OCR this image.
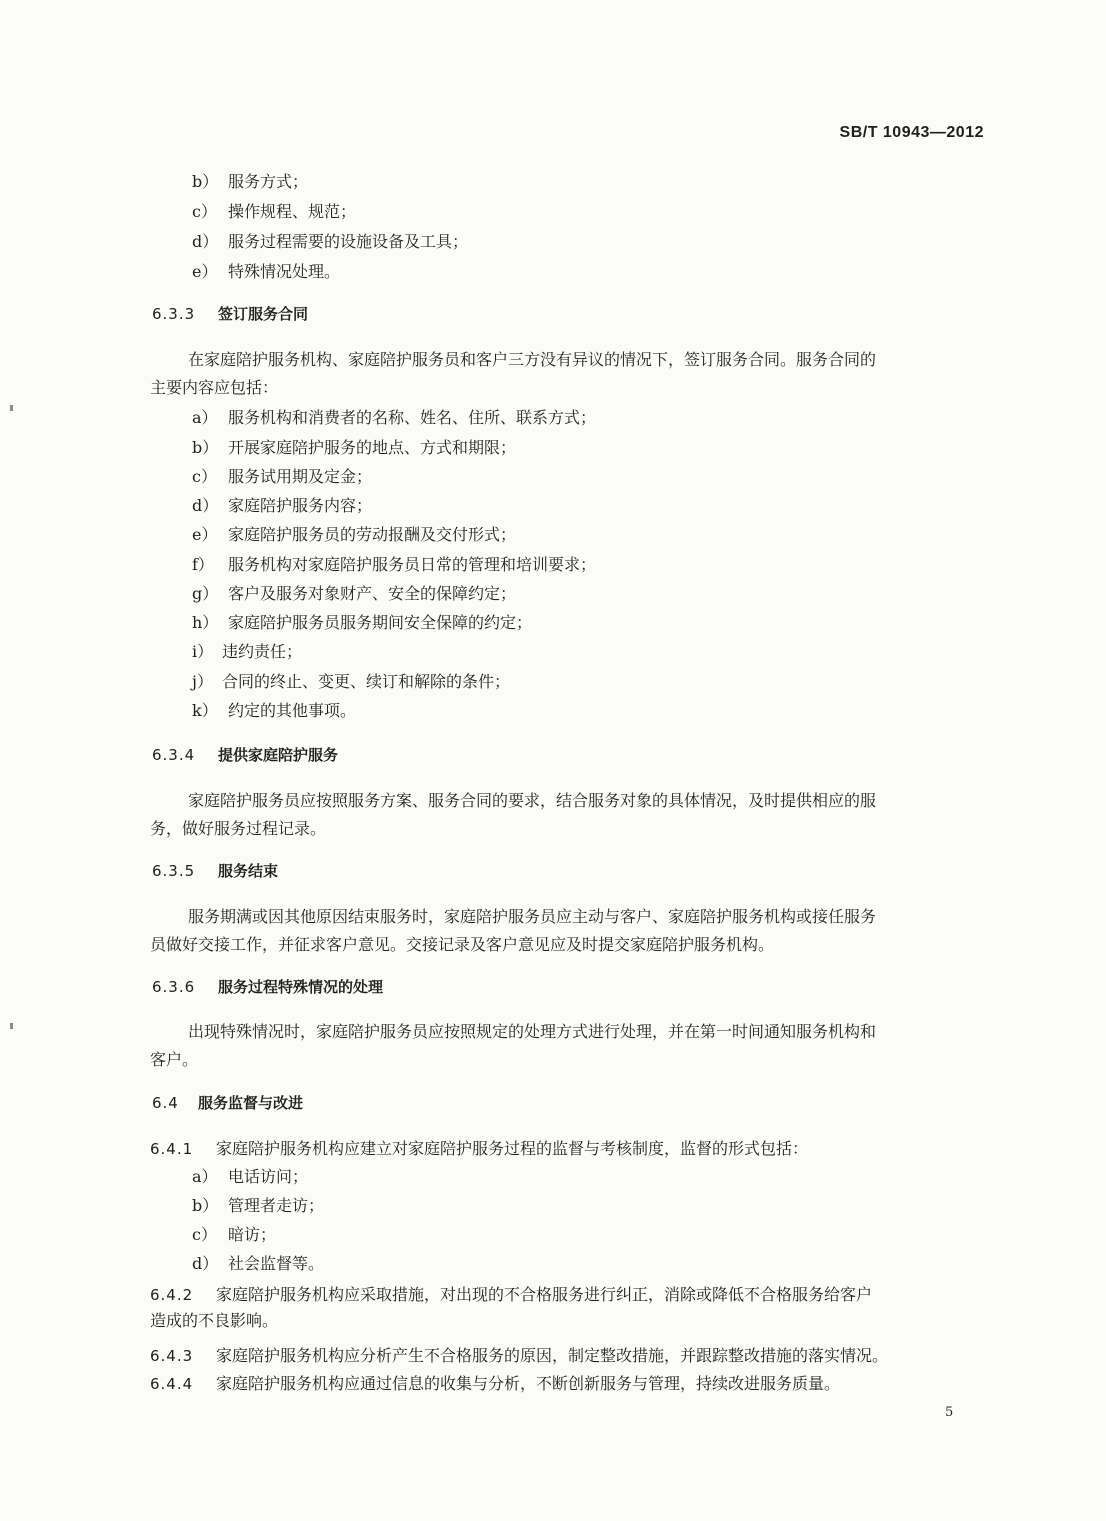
SB/T 10943—2012
b） 服务方式；
c） 操作规程、规范；
d） 服务过程需要的设施设备及工具；
e） 特殊情况处理。
6.3.3 签订服务合同
在家庭陪护服务机构、家庭陪护服务员和客户三方没有异议的情况下，签订服务合同。服务合同的
主要内容应包括：
a） 服务机构和消费者的名称、姓名、住所、联系方式；
b） 开展家庭陪护服务的地点、方式和期限；
c） 服务试用期及定金；
d） 家庭陪护服务内容；
e） 家庭陪护服务员的劳动报酬及交付形式；
f） 服务机构对家庭陪护服务员日常的管理和培训要求；
g） 客户及服务对象财产、安全的保障约定；
h） 家庭陪护服务员服务期间安全保障的约定；
i） 违约责任；
j） 合同的终止、变更、续订和解除的条件；
k） 约定的其他事项。
6.3.4 提供家庭陪护服务
家庭陪护服务员应按照服务方案、服务合同的要求，结合服务对象的具体情况，及时提供相应的服
务，做好服务过程记录。
6.3.5 服务结束
服务期满或因其他原因结束服务时，家庭陪护服务员应主动与客户、家庭陪护服务机构或接任服务
员做好交接工作，并征求客户意见。交接记录及客户意见应及时提交家庭陪护服务机构。
6.3.6 服务过程特殊情况的处理
出现特殊情况时，家庭陪护服务员应按照规定的处理方式进行处理，并在第一时间通知服务机构和
客户。
6.4 服务监督与改进
6.4.1 家庭陪护服务机构应建立对家庭陪护服务过程的监督与考核制度，监督的形式包括：
a） 电话访问；
b） 管理者走访；
c） 暗访；
d） 社会监督等。
6.4.2 家庭陪护服务机构应采取措施，对出现的不合格服务进行纠正，消除或降低不合格服务给客户
造成的不良影响。
6.4.3 家庭陪护服务机构应分析产生不合格服务的原因，制定整改措施，并跟踪整改措施的落实情况。
6.4.4 家庭陪护服务机构应通过信息的收集与分析，不断创新服务与管理，持续改进服务质量。
5
